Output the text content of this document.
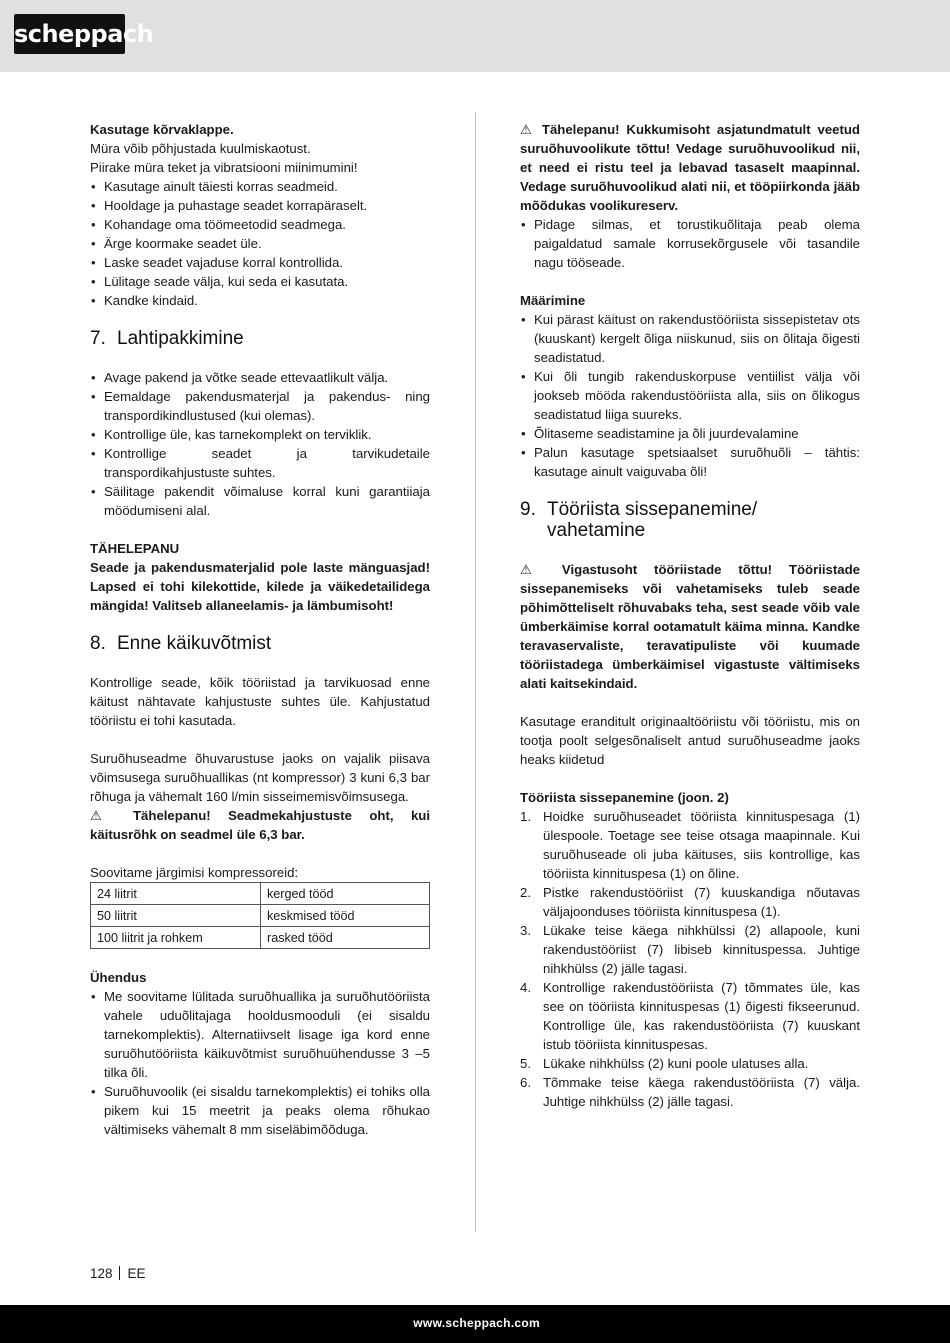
scheppach

Kasutage kõrvaklappe.

Müra võib põhjustada kuulmiskaotust.

Piirake müra teket ja vibratsiooni miinimumini!

• Kasutage ainult täiesti korras seadmeid.
• Hooldage ja puhastage seadet korrapäraselt.
• Kohandage oma töömeetodid seadmega.
• Ärge koormake seadet üle.
• Laske seadet vajaduse korral kontrollida.
• Lülitage seade välja, kui seda ei kasutata.
• Kandke kindaid.
7. Lahtipakkimine
• Avage pakend ja võtke seade ettevaatlikult välja.
• Eemaldage pakendusmaterjal ja pakendus- ning transpordikindlustused (kui olemas).
• Kontrollige üle, kas tarnekomplekt on terviklik.
• Kontrollige seadet ja tarvikudetaile transpordikahjustuste suhtes.
• Säilitage pakendit võimaluse korral kuni garantiiaja möödumiseni alal.

TÄHELEPANU

Seade ja pakendusmaterjalid pole laste mänguasjad! Lapsed ei tohi kilekottide, kilede ja väikedetailidega mängida! Valitseb allaneelamis- ja lämbumisoht!

8. Enne käikuvõtmist

Kontrollige seade, kõik tööriistad ja tarvikuosad enne käitust nähtavate kahjustuste suhtes üle. Kahjustatud tööriistu ei tohi kasutada.

Suruõhuseadme õhuvarustuse jaoks on vajalik piisava võimsusega suruõhuallikas (nt kompressor) 3 kuni 6,3 bar rõhuga ja vähemalt 160 l/min sisseimemisvõimsusega.

⚠ Tähelepanu! Seadmekahjustuste oht, kui käitusrõhk on seadmel üle 6,3 bar.

Soovitame järgimisi kompressoreid:

24 liitrit	kerged tööd
50 liitrit	keskmised tööd
100 liitrit ja rohkem	rasked tööd

Ühendus

• Me soovitame lülitada suruõhuallika ja suruõhutööriista vahele uduõlitajaga hooldusmooduli (ei sisaldu tarnekomplektis). Alternatiivselt lisage iga kord enne suruõhutööriista käikuvõtmist suruõhuühendusse 3 –5 tilka õli.
• Suruõhuvoolik (ei sisaldu tarnekomplektis) ei tohiks olla pikem kui 15 meetrit ja peaks olema rõhukao vältimiseks vähemalt 8 mm siseläbimõõduga.

⚠ Tähelepanu! Kukkumisoht asjatundmatult veetud suruõhuvoolikute tõttu! Vedage suruõhuvoolikud nii, et need ei ristu teel ja lebavad tasaselt maapinnal. Vedage suruõhuvoolikud alati nii, et tööpiirkonda jääb mõõdukas voolikureserv.

• Pidage silmas, et torustikuõlitaja peab olema paigaldatud samale korrusekõrgusele või tasandile nagu tööseade.

Määrimine

• Kui pärast käitust on rakendustööriista sissepistetav ots (kuuskant) kergelt õliga niiskunud, siis on õlitaja õigesti seadistatud.
• Kui õli tungib rakenduskorpuse ventiilist välja või jookseb mööda rakendustööriista alla, siis on õlikogus seadistatud liiga suureks.
• Õlitaseme seadistamine ja õli juurdevalamine
• Palun kasutage spetsiaalset suruõhuõli – tähtis: kasutage ainult vaiguvaba õli!
9. Tööriista sissepanemine/
vahetamine

⚠ Vigastusoht tööriistade tõttu! Tööriistade sissepanemiseks või vahetamiseks tuleb seade põhimõtteliselt rõhuvabaks teha, sest seade võib vale ümberkäimise korral ootamatult käima minna. Kandke teravaservaliste, teravatipuliste või kuumade tööriistadega ümberkäimisel vigastuste vältimiseks alati kaitsekindaid.

Kasutage eranditult originaaltööriistu või tööriistu, mis on tootja poolt selgesõnaliselt antud suruõhuseadme jaoks heaks kiidetud

Tööriista sissepanemine (joon. 2)

1. Hoidke suruõhuseadet tööriista kinnituspesaga (1) ülespoole. Toetage see teise otsaga maapinnale. Kui suruõhuseade oli juba käituses, siis kontrollige, kas tööriista kinnituspesa (1) on õline.
2. Pistke rakendustööriist (7) kuuskandiga nõutavas väljajoonduses tööriista kinnituspesa (1).
3. Lükake teise käega nihkhülssi (2) allapoole, kuni rakendustööriist (7) libiseb kinnituspessa. Juhtige nihkhülss (2) jälle tagasi.
4. Kontrollige rakendustööriista (7) tõmmates üle, kas see on tööriista kinnituspesas (1) õigesti fikseerunud. Kontrollige üle, kas rakendustööriista (7) kuuskant istub tööriista kinnituspesas.
5. Lükake nihkhülss (2) kuni poole ulatuses alla.
6. Tõmmake teise käega rakendustööriista (7) välja. Juhtige nihkhülss (2) jälle tagasi.
128 EE
www.scheppach.com
